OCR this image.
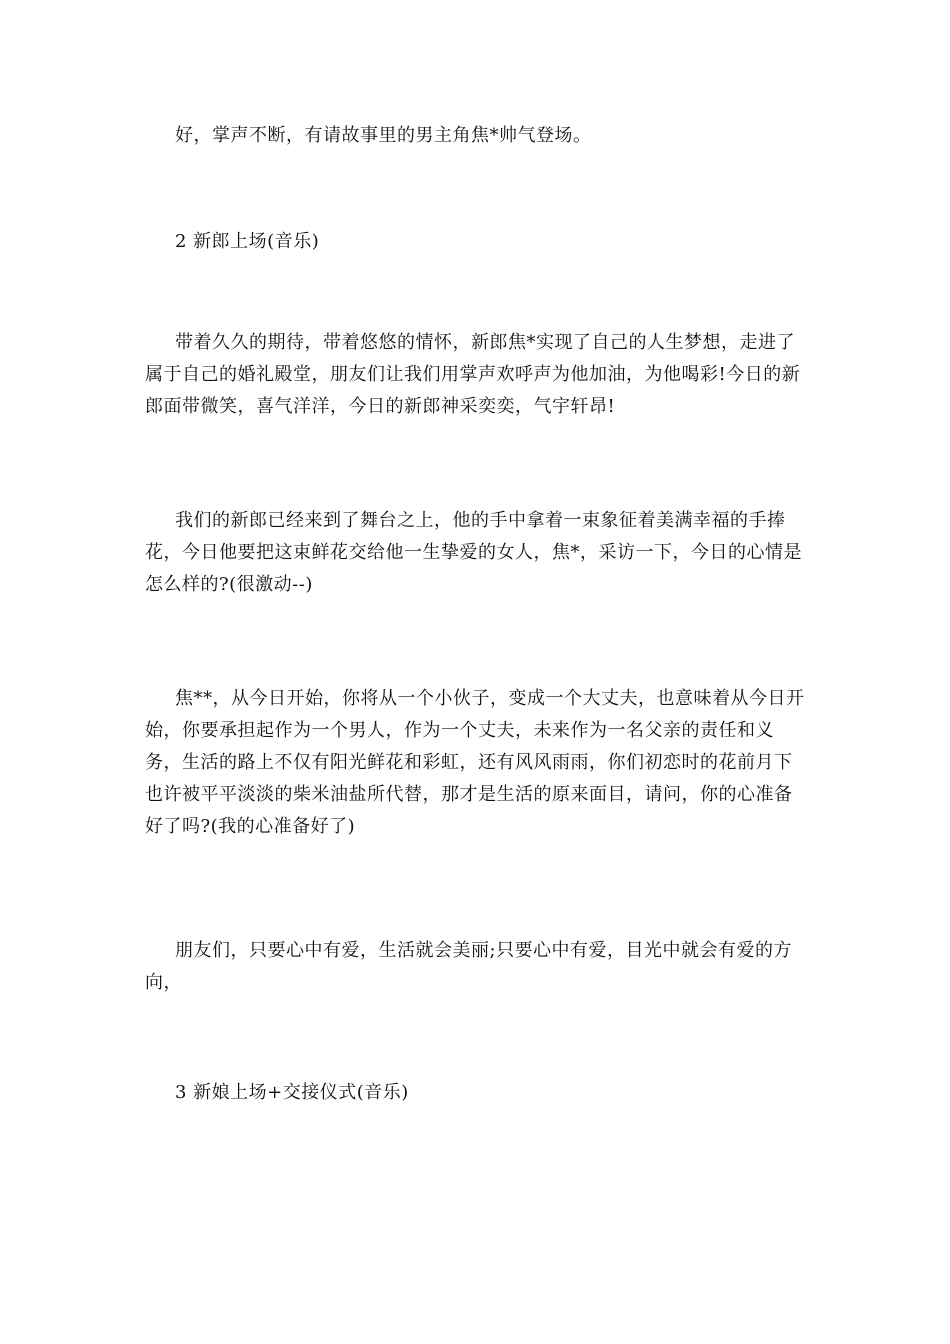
好，掌声不断，有请故事里的男主角焦*帅气登场。

2 新郎上场(音乐)

带着久久的期待，带着悠悠的情怀，新郎焦*实现了自己的人生梦想，走进了属于自己的婚礼殿堂，朋友们让我们用掌声欢呼声为他加油，为他喝彩!今日的新郎面带微笑，喜气洋洋，今日的新郎神采奕奕，气宇轩昂!

我们的新郎已经来到了舞台之上，他的手中拿着一束象征着美满幸福的手捧花，今日他要把这束鲜花交给他一生挚爱的女人，焦*，采访一下，今日的心情是怎么样的?(很激动--)

焦**，从今日开始，你将从一个小伙子，变成一个大丈夫，也意味着从今日开始，你要承担起作为一个男人，作为一个丈夫，未来作为一名父亲的责任和义务，生活的路上不仅有阳光鲜花和彩虹，还有风风雨雨，你们初恋时的花前月下也许被平平淡淡的柴米油盐所代替，那才是生活的原来面目，请问，你的心准备好了吗?(我的心准备好了)

朋友们，只要心中有爱，生活就会美丽;只要心中有爱，目光中就会有爱的方向，

3 新娘上场+交接仪式(音乐)
